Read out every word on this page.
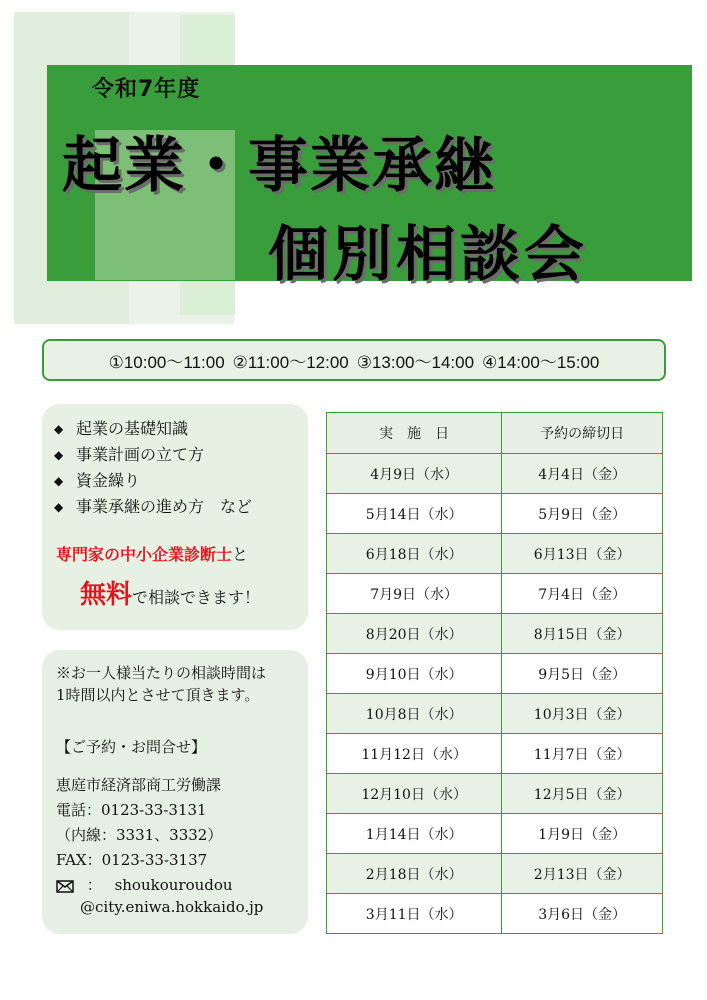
令和7年度
起業・事業承継
個別相談会
①10:00～11:00 ②11:00～12:00 ③13:00～14:00 ④14:00～15:00
◆ 起業の基礎知識
◆ 事業計画の立て方
◆ 資金繰り
◆ 事業承継の進め方　など
専門家の中小企業診断士と
無料で相談できます！
※お一人様当たりの相談時間は
1時間以内とさせて頂きます。
【ご予約・お問合せ】
恵庭市経済部商工労働課
電話：0123-33-3131
（内線：3331、3332）
FAX：0123-33-3137
： shoukouroudou
@city.eniwa.hokkaido.jp
実　施　日	予約の締切日
4月9日（水）	4月4日（金）
5月14日（水）	5月9日（金）
6月18日（水）	6月13日（金）
7月9日（水）	7月4日（金）
8月20日（水）	8月15日（金）
9月10日（水）	9月5日（金）
10月8日（水）	10月3日（金）
11月12日（水）	11月7日（金）
12月10日（水）	12月5日（金）
1月14日（水）	1月9日（金）
2月18日（水）	2月13日（金）
3月11日（水）	3月6日（金）
